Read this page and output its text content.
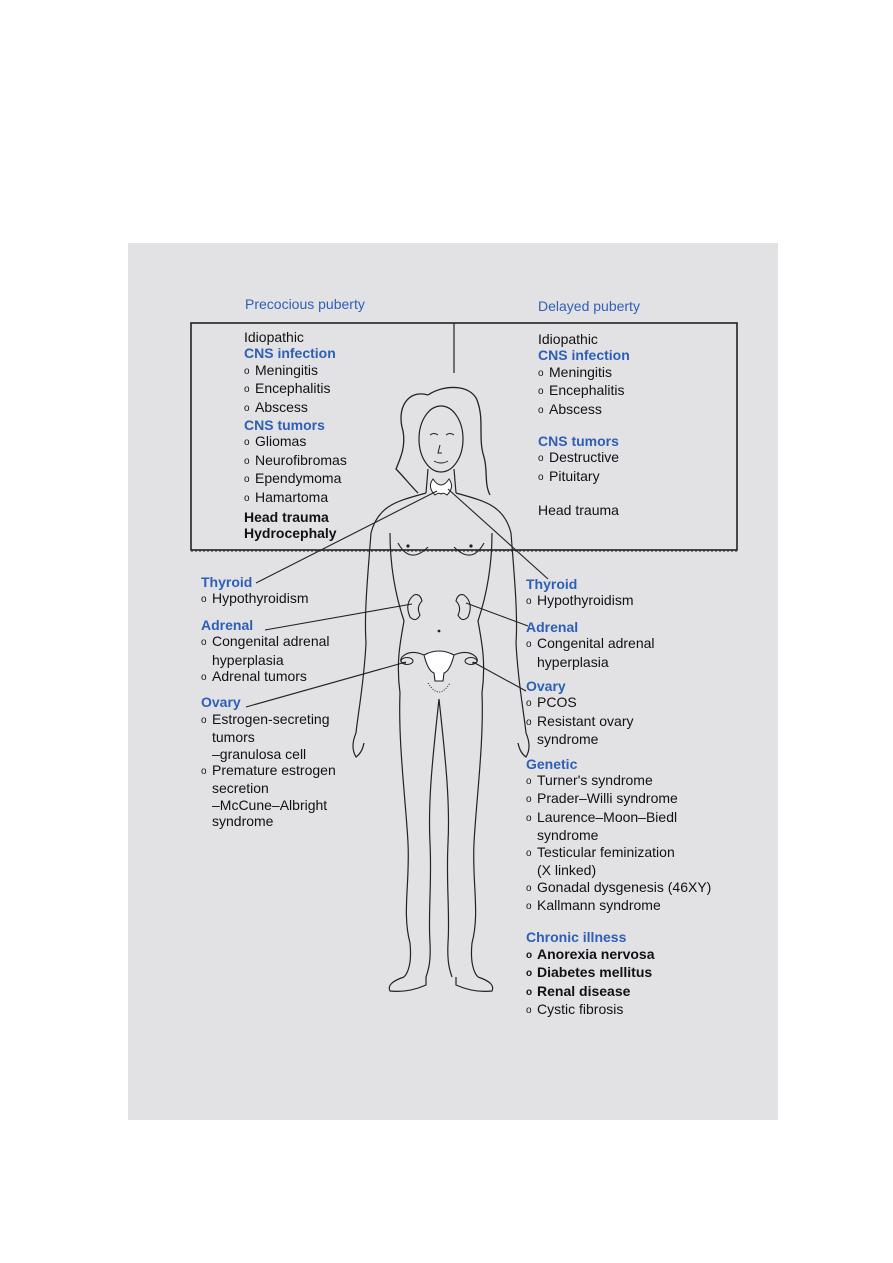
Precocious puberty	Delayed puberty
Idiopathic
CNS infection
o Meningitis
o Encephalitis
o Abscess
CNS tumors
o Gliomas
o Neurofibromas
o Ependymoma
o Hamartoma
Head trauma
Hydrocephaly
Idiopathic
CNS infection
o Meningitis
o Encephalitis
o Abscess
CNS tumors
o Destructive
o Pituitary
Head trauma
Thyroid
o Hypothyroidism
Adrenal
o Congenital adrenal
hyperplasia
o Adrenal tumors
Ovary
o Estrogen-secreting
tumors
–granulosa cell
o Premature estrogen
secretion
–McCune–Albright
syndrome
Thyroid
o Hypothyroidism
Adrenal
o Congenital adrenal
hyperplasia
Ovary
o PCOS
o Resistant ovary
syndrome
Genetic
o Turner's syndrome
o Prader–Willi syndrome
o Laurence–Moon–Biedl
syndrome
o Testicular feminization
(X linked)
o Gonadal dysgenesis (46XY)
o Kallmann syndrome
Chronic illness
o Anorexia nervosa
o Diabetes mellitus
o Renal disease
o Cystic fibrosis
